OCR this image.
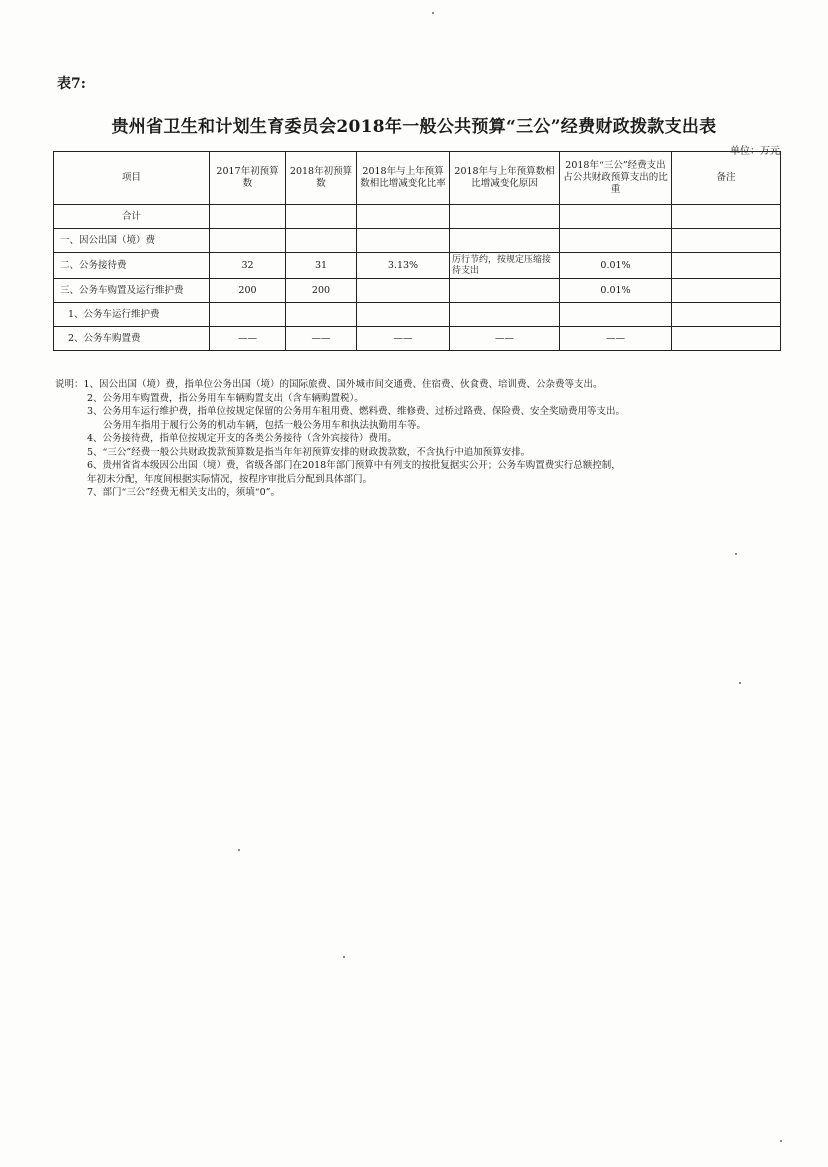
表7:
贵州省卫生和计划生育委员会2018年一般公共预算“三公”经费财政拨款支出表
单位：万元
项目	2017年初预算数	2018年初预算数	2018年与上年预算数相比增减变化比率	2018年与上年预算数相比增减变化原因	2018年“三公”经费支出占公共财政预算支出的比重	备注
合计						
一、因公出国（境）费						
二、公务接待费	32	31	3.13%	厉行节约，按规定压缩接待支出	0.01%	
三、公务车购置及运行维护费	200	200			0.01%	
1、公务车运行维护费						
2、公务车购置费	——	——	——	——	——	
说明：1、因公出国（境）费，指单位公务出国（境）的国际旅费、国外城市间交通费、住宿费、伙食费、培训费、公杂费等支出。
2、公务用车购置费，指公务用车车辆购置支出（含车辆购置税）。
3、公务用车运行维护费，指单位按规定保留的公务用车租用费、燃料费、维修费、过桥过路费、保险费、安全奖励费用等支出。
公务用车指用于履行公务的机动车辆，包括一般公务用车和执法执勤用车等。
4、公务接待费，指单位按规定开支的各类公务接待（含外宾接待）费用。
5、“三公”经费一般公共财政拨款预算数是指当年年初预算安排的财政拨款数，不含执行中追加预算安排。
6、贵州省省本级因公出国（境）费，省级各部门在2018年部门预算中有列支的按批复据实公开；公务车购置费实行总额控制，
年初未分配，年度间根据实际情况，按程序审批后分配到具体部门。
7、部门“三公”经费无相关支出的，须填“0”。
